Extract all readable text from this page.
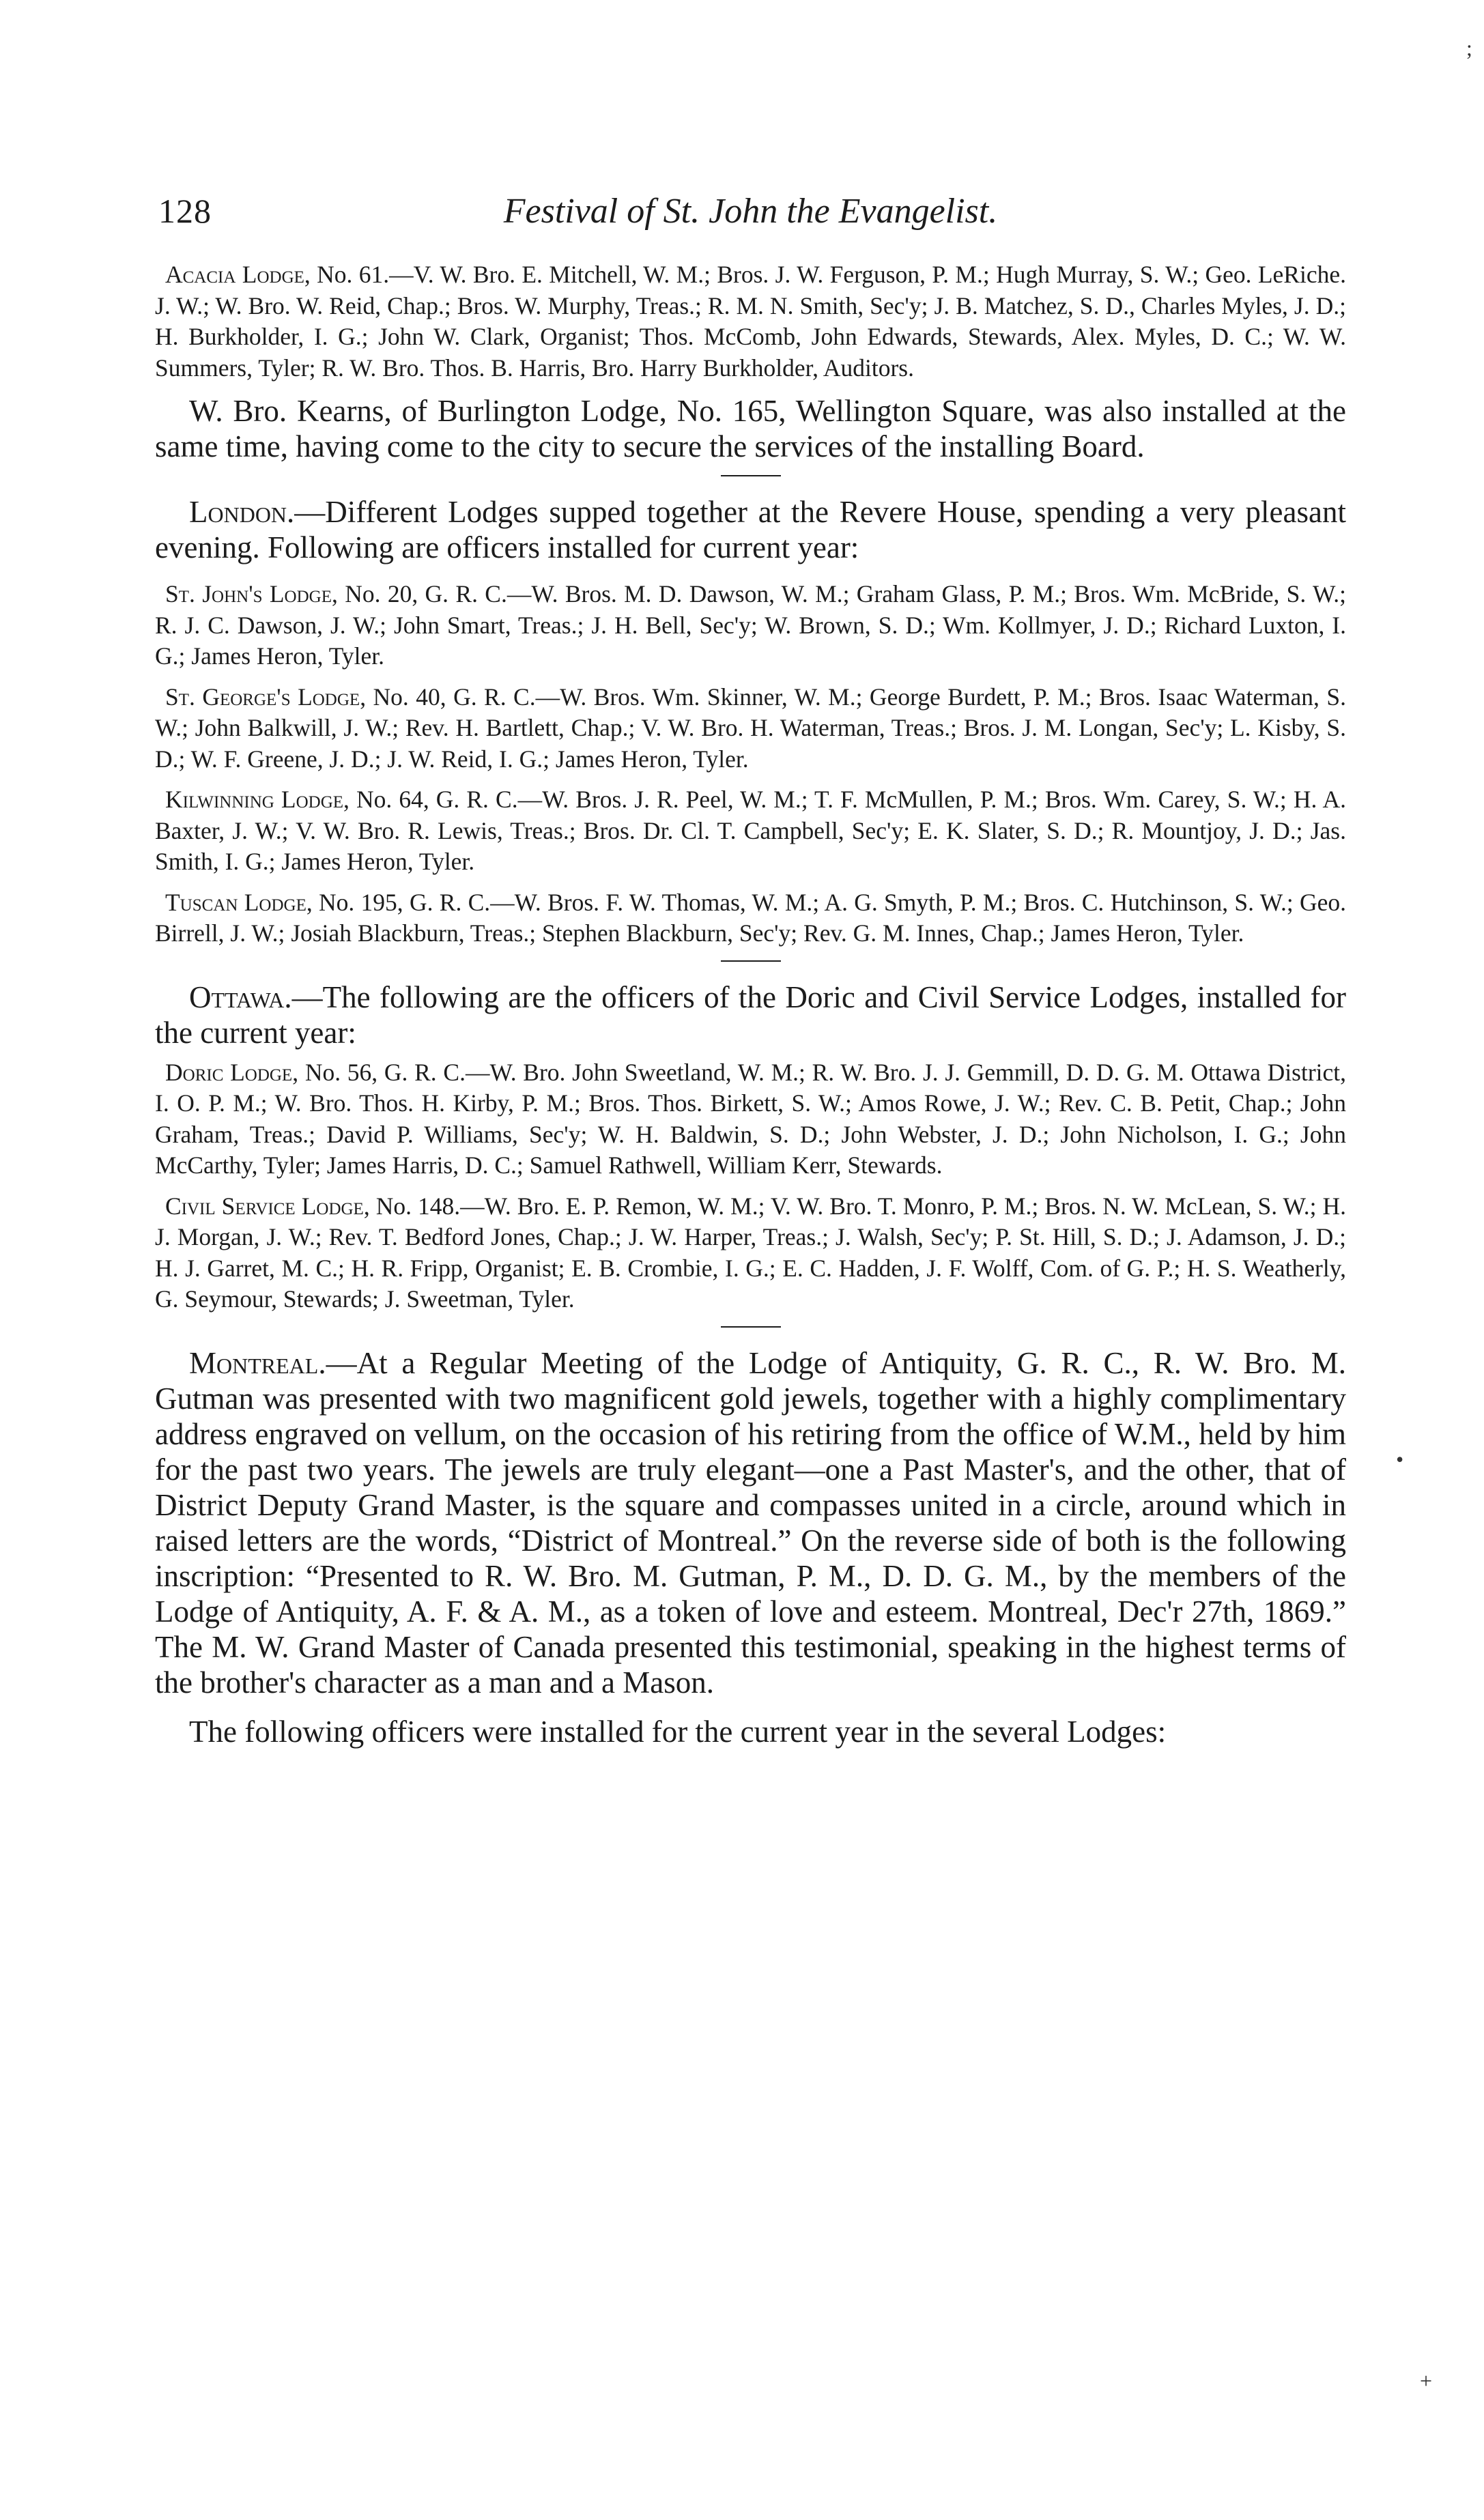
128	Festival of St. John the Evangelist.

Acacia Lodge, No. 61.—V. W. Bro. E. Mitchell, W. M.; Bros. J. W. Ferguson, P. M.; Hugh Murray, S. W.; Geo. LeRiche. J. W.; W. Bro. W. Reid, Chap.; Bros. W. Murphy, Treas.; R. M. N. Smith, Sec'y; J. B. Matchez, S. D., Charles Myles, J. D.; H. Burkholder, I. G.; John W. Clark, Organist; Thos. McComb, John Edwards, Stewards, Alex. Myles, D. C.; W. W. Summers, Tyler; R. W. Bro. Thos. B. Harris, Bro. Harry Burkholder, Auditors.

W. Bro. Kearns, of Burlington Lodge, No. 165, Wellington Square, was also installed at the same time, having come to the city to secure the services of the installing Board.

London.—Different Lodges supped together at the Revere House, spending a very pleasant evening. Following are officers installed for current year:

St. John's Lodge, No. 20, G. R. C.—W. Bros. M. D. Dawson, W. M.; Graham Glass, P. M.; Bros. Wm. McBride, S. W.; R. J. C. Dawson, J. W.; John Smart, Treas.; J. H. Bell, Sec'y; W. Brown, S. D.; Wm. Kollmyer, J. D.; Richard Luxton, I. G.; James Heron, Tyler.

St. George's Lodge, No. 40, G. R. C.—W. Bros. Wm. Skinner, W. M.; George Burdett, P. M.; Bros. Isaac Waterman, S. W.; John Balkwill, J. W.; Rev. H. Bartlett, Chap.; V. W. Bro. H. Waterman, Treas.; Bros. J. M. Longan, Sec'y; L. Kisby, S. D.; W. F. Greene, J. D.; J. W. Reid, I. G.; James Heron, Tyler.

Kilwinning Lodge, No. 64, G. R. C.—W. Bros. J. R. Peel, W. M.; T. F. McMullen, P. M.; Bros. Wm. Carey, S. W.; H. A. Baxter, J. W.; V. W. Bro. R. Lewis, Treas.; Bros. Dr. Cl. T. Campbell, Sec'y; E. K. Slater, S. D.; R. Mountjoy, J. D.; Jas. Smith, I. G.; James Heron, Tyler.

Tuscan Lodge, No. 195, G. R. C.—W. Bros. F. W. Thomas, W. M.; A. G. Smyth, P. M.; Bros. C. Hutchinson, S. W.; Geo. Birrell, J. W.; Josiah Blackburn, Treas.; Stephen Blackburn, Sec'y; Rev. G. M. Innes, Chap.; James Heron, Tyler.

Ottawa.—The following are the officers of the Doric and Civil Service Lodges, installed for the current year:

Doric Lodge, No. 56, G. R. C.—W. Bro. John Sweetland, W. M.; R. W. Bro. J. J. Gemmill, D. D. G. M. Ottawa District, I. O. P. M.; W. Bro. Thos. H. Kirby, P. M.; Bros. Thos. Birkett, S. W.; Amos Rowe, J. W.; Rev. C. B. Petit, Chap.; John Graham, Treas.; David P. Williams, Sec'y; W. H. Baldwin, S. D.; John Webster, J. D.; John Nicholson, I. G.; John McCarthy, Tyler; James Harris, D. C.; Samuel Rathwell, William Kerr, Stewards.

Civil Service Lodge, No. 148.—W. Bro. E. P. Remon, W. M.; V. W. Bro. T. Monro, P. M.; Bros. N. W. McLean, S. W.; H. J. Morgan, J. W.; Rev. T. Bedford Jones, Chap.; J. W. Harper, Treas.; J. Walsh, Sec'y; P. St. Hill, S. D.; J. Adamson, J. D.; H. J. Garret, M. C.; H. R. Fripp, Organist; E. B. Crombie, I. G.; E. C. Hadden, J. F. Wolff, Com. of G. P.; H. S. Weatherly, G. Seymour, Stewards; J. Sweetman, Tyler.

Montreal.—At a Regular Meeting of the Lodge of Antiquity, G. R. C., R. W. Bro. M. Gutman was presented with two magnificent gold jewels, together with a highly complimentary address engraved on vellum, on the occasion of his retiring from the office of W.M., held by him for the past two years. The jewels are truly elegant—one a Past Master's, and the other, that of District Deputy Grand Master, is the square and compasses united in a circle, around which in raised letters are the words, “District of Montreal.” On the reverse side of both is the following inscription: “Presented to R. W. Bro. M. Gutman, P. M., D. D. G. M., by the members of the Lodge of Antiquity, A. F. & A. M., as a token of love and esteem. Montreal, Dec'r 27th, 1869.” The M. W. Grand Master of Canada presented this testimonial, speaking in the highest terms of the brother's character as a man and a Mason.

The following officers were installed for the current year in the several Lodges:

;
•
+
